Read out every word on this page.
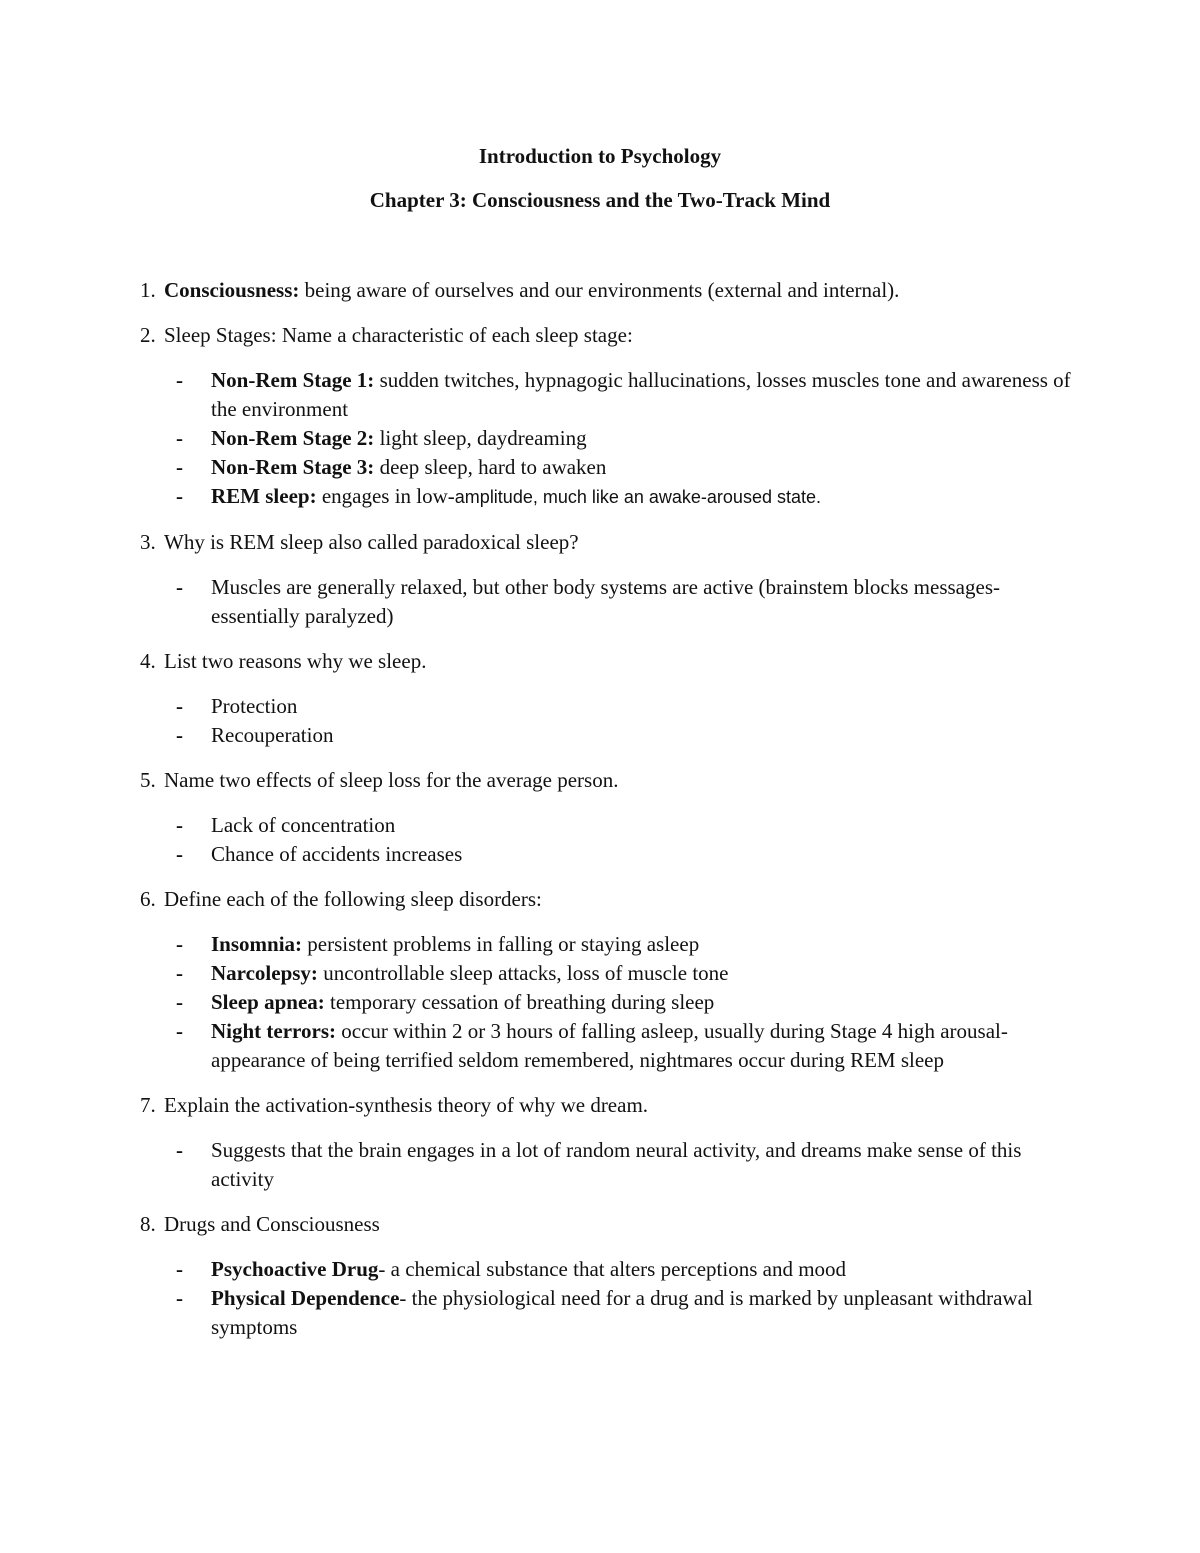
Introduction to Psychology
Chapter 3: Consciousness and the Two-Track Mind
1. Consciousness: being aware of ourselves and our environments (external and internal).
2. Sleep Stages: Name a characteristic of each sleep stage:
-	Non-Rem Stage 1: sudden twitches, hypnagogic hallucinations, losses muscles tone and awareness of the environment
-	Non-Rem Stage 2: light sleep, daydreaming
-	Non-Rem Stage 3: deep sleep, hard to awaken
-	REM sleep: engages in low-amplitude, much like an awake-aroused state.
3. Why is REM sleep also called paradoxical sleep?
-	Muscles are generally relaxed, but other body systems are active (brainstem blocks messages-essentially paralyzed)
4. List two reasons why we sleep.
-	Protection
-	Recouperation
5. Name two effects of sleep loss for the average person.
-	Lack of concentration
-	Chance of accidents increases
6. Define each of the following sleep disorders:
-	Insomnia: persistent problems in falling or staying asleep
-	Narcolepsy: uncontrollable sleep attacks, loss of muscle tone
-	Sleep apnea: temporary cessation of breathing during sleep
-	Night terrors: occur within 2 or 3 hours of falling asleep, usually during Stage 4 high arousal-appearance of being terrified seldom remembered, nightmares occur during REM sleep
7. Explain the activation-synthesis theory of why we dream.
-	Suggests that the brain engages in a lot of random neural activity, and dreams make sense of this activity
8. Drugs and Consciousness
-	Psychoactive Drug- a chemical substance that alters perceptions and mood
-	Physical Dependence- the physiological need for a drug and is marked by unpleasant withdrawal symptoms
